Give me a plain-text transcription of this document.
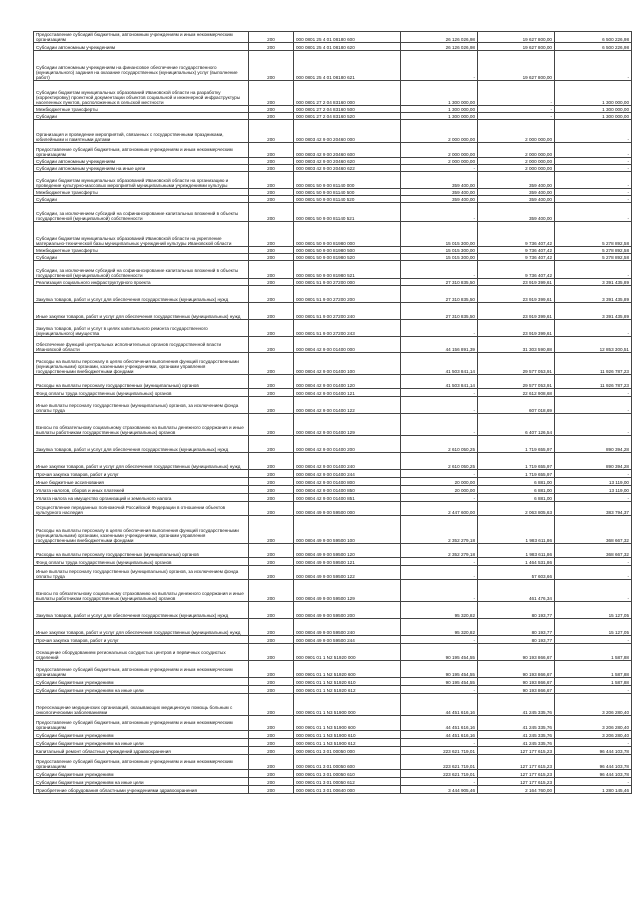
Предоставление субсидий бюджетным, автономным учреждениям и иным некоммерческим организациям	200	000 0801 25 4 01 08180 600	26 126 026,98	19 627 800,00	6 500 226,98
Субсидии автономным учреждениям	200	000 0801 25 4 01 08180 620	26 126 026,98	19 627 800,00	6 500 226,98
Субсидии автономным учреждениям на финансовое обеспечение государственного (муниципального) задания на оказание государственных (муниципальных) услуг (выполнение работ)	200	000 0801 25 4 01 08180 621	-	19 627 800,00	-
Субсидии бюджетам муниципальных образований Ивановской области на разработку (корректировку) проектной документации объектов социальной и инженерной инфраструктуры населенных пунктов, расположенных в сельской местности	200	000 0801 27 2 04 83160 000	1 300 000,00	-	1 300 000,00
Межбюджетные трансферты	200	000 0801 27 2 04 83160 500	1 300 000,00	-	1 300 000,00
Субсидии	200	000 0801 27 2 04 83160 520	1 300 000,00	-	1 300 000,00
Организация и проведение мероприятий, связанных с государственными праздниками, юбилейными и памятными датами	200	000 0803 42 9 00 20460 000	2 000 000,00	2 000 000,00	-
Предоставление субсидий бюджетным, автономным учреждениям и иным некоммерческим организациям	200	000 0803 42 9 00 20460 600	2 000 000,00	2 000 000,00	-
Субсидии автономным учреждениям	200	000 0803 42 9 00 20460 620	2 000 000,00	2 000 000,00	-
Субсидии автономным учреждениям на иные цели	200	000 0803 42 9 00 20460 622	-	2 000 000,00	-
Субсидии бюджетам муниципальных образований Ивановской области на организацию и проведение культурно-массовых мероприятий муниципальными учреждениями культуры	200	000 0801 50 9 00 81140 000	359 400,00	359 400,00	-
Межбюджетные трансферты	200	000 0801 50 9 00 81140 500	359 400,00	359 400,00	-
Субсидии	200	000 0801 50 9 00 81140 520	359 400,00	359 400,00	-
Субсидии, за исключением субсидий на софинансирование капитальных вложений в объекты государственной (муниципальной) собственности	200	000 0801 50 9 00 81140 521	-	359 400,00	-
Субсидии бюджетам муниципальных образований Ивановской области на укрепление материально-технической базы муниципальных учреждений культуры Ивановской области	200	000 0801 50 9 00 81980 000	15 015 300,00	9 736 407,42	5 278 892,58
Межбюджетные трансферты	200	000 0801 50 9 00 81980 500	15 015 300,00	9 736 407,42	5 278 892,58
Субсидии	200	000 0801 50 9 00 81980 520	15 015 300,00	9 736 407,42	5 278 892,58
Субсидии, за исключением субсидий на софинансирование капитальных вложений в объекты государственной (муниципальной) собственности	200	000 0801 50 9 00 81980 521	-	9 736 407,42	-
Реализация социального инфраструктурного проекта	200	000 0801 51 9 00 27200 000	27 310 835,50	23 919 399,61	3 391 435,89
Закупка товаров, работ и услуг для обеспечения государственных (муниципальных) нужд	200	000 0801 51 9 00 27200 200	27 310 835,50	23 919 399,61	3 391 435,89
Иные закупки товаров, работ и услуг для обеспечения государственных (муниципальных) нужд	200	000 0801 51 9 00 27200 240	27 310 835,50	23 919 399,61	3 391 435,89
Закупка товаров, работ и услуг в целях капитального ремонта государственного (муниципального) имущества	200	000 0801 51 9 00 27200 243	-	23 919 399,61	-
Обеспечение функций центральных исполнительных органов государственной власти Ивановской области	200	000 0804 42 9 00 01400 000	44 156 891,39	31 303 590,88	12 853 300,51
Расходы на выплаты персоналу в целях обеспечения выполнения функций государственными (муниципальными) органами, казенными учреждениями, органами управления государственными внебюджетными фондами	200	000 0804 42 9 00 01400 100	41 503 841,14	29 577 053,91	11 926 787,23
Расходы на выплаты персоналу государственных (муниципальных) органов	200	000 0804 42 9 00 01400 120	41 503 841,14	29 577 053,91	11 926 787,23
Фонд оплаты труда государственных (муниципальных) органов	200	000 0804 42 9 00 01400 121	-	22 612 908,68	-
Иные выплаты персоналу государственных (муниципальных) органов, за исключением фонда оплаты труда	200	000 0804 42 9 00 01400 122	-	607 018,69	-
Взносы по обязательному социальному страхованию на выплаты денежного содержания и иные выплаты работникам государственных (муниципальных) органов	200	000 0804 42 9 00 01400 129	-	6 407 126,54	-
Закупка товаров, работ и услуг для обеспечения государственных (муниципальных) нужд	200	000 0804 42 9 00 01400 200	2 610 050,25	1 719 655,97	890 394,28
Иные закупки товаров, работ и услуг для обеспечения государственных (муниципальных) нужд	200	000 0804 42 9 00 01400 240	2 610 050,25	1 719 655,97	890 394,28
Прочая закупка товаров, работ и услуг	200	000 0804 42 9 00 01400 244	-	1 719 655,97	-
Иные бюджетные ассигнования	200	000 0804 42 9 00 01400 800	20 000,00	6 881,00	13 119,00
Уплата налогов, сборов и иных платежей	200	000 0804 42 9 00 01400 850	20 000,00	6 881,00	13 119,00
Уплата налога на имущество организаций и земельного налога	200	000 0804 42 9 00 01400 851	-	6 881,00	-
Осуществление переданных полномочий Российской Федерации в отношении объектов культурного наследия	200	000 0804 49 9 00 59500 000	2 447 600,00	2 063 805,63	383 794,37
Расходы на выплаты персоналу в целях обеспечения выполнения функций государственными (муниципальными) органами, казенными учреждениями, органами управления государственными внебюджетными фондами	200	000 0804 49 9 00 59500 100	2 352 279,18	1 983 611,86	368 667,32
Расходы на выплаты персоналу государственных (муниципальных) органов	200	000 0804 49 9 00 59500 120	2 352 279,18	1 983 611,86	368 667,32
Фонд оплаты труда государственных (муниципальных) органов	200	000 0804 49 9 00 59500 121	-	1 464 531,86	-
Иные выплаты персоналу государственных (муниципальных) органов, за исключением фонда оплаты труда	200	000 0804 49 9 00 59500 122	-	57 603,66	-
Взносы по обязательному социальному страхованию на выплаты денежного содержания и иные выплаты работникам государственных (муниципальных) органов	200	000 0804 49 9 00 59500 129	-	461 476,34	-
Закупка товаров, работ и услуг для обеспечения государственных (муниципальных) нужд	200	000 0804 49 9 00 59500 200	95 320,82	80 193,77	15 127,05
Иные закупки товаров, работ и услуг для обеспечения государственных (муниципальных) нужд	200	000 0804 49 9 00 59500 240	95 320,82	80 193,77	15 127,05
Прочая закупка товаров, работ и услуг	200	000 0804 49 9 00 59500 244	-	80 193,77	-
Оснащение оборудованием региональных сосудистых центров и первичных сосудистых отделений	200	000 0901 01 1 N2 51920 000	90 195 454,55	90 193 866,67	1 587,88
Предоставление субсидий бюджетным, автономным учреждениям и иным некоммерческим организациям	200	000 0901 01 1 N2 51920 600	90 195 454,55	90 193 866,67	1 587,88
Субсидии бюджетным учреждениям	200	000 0901 01 1 N2 51920 610	90 195 454,55	90 193 866,67	1 587,88
Субсидии бюджетным учреждениям на иные цели	200	000 0901 01 1 N2 51920 612	-	90 193 866,67	-
Переоснащение медицинских организаций, оказывающих медицинскую помощь больным с онкологическими заболеваниями	200	000 0901 01 1 N3 51900 000	44 451 616,16	41 245 335,76	3 206 280,40
Предоставление субсидий бюджетным, автономным учреждениям и иным некоммерческим организациям	200	000 0901 01 1 N3 51900 600	44 451 616,16	41 245 335,76	3 206 280,40
Субсидии бюджетным учреждениям	200	000 0901 01 1 N3 51900 610	44 451 616,16	41 245 335,76	3 206 280,40
Субсидии бюджетным учреждениям на иные цели	200	000 0901 01 1 N3 51900 612	-	41 245 335,76	-
Капитальный ремонт областных учреждений здравоохранения	200	000 0901 01 3 01 00050 000	223 621 719,01	127 177 615,23	96 444 103,78
Предоставление субсидий бюджетным, автономным учреждениям и иным некоммерческим организациям	200	000 0901 01 3 01 00050 600	223 621 719,01	127 177 615,23	96 444 103,78
Субсидии бюджетным учреждениям	200	000 0901 01 3 01 00050 610	223 621 719,01	127 177 615,23	96 444 103,78
Субсидии бюджетным учреждениям на иные цели	200	000 0901 01 3 01 00050 612	-	127 177 615,23	-
Приобретение оборудования областными учреждениями здравоохранения	200	000 0901 01 3 01 00640 000	3 444 905,46	2 164 760,00	1 280 145,46
